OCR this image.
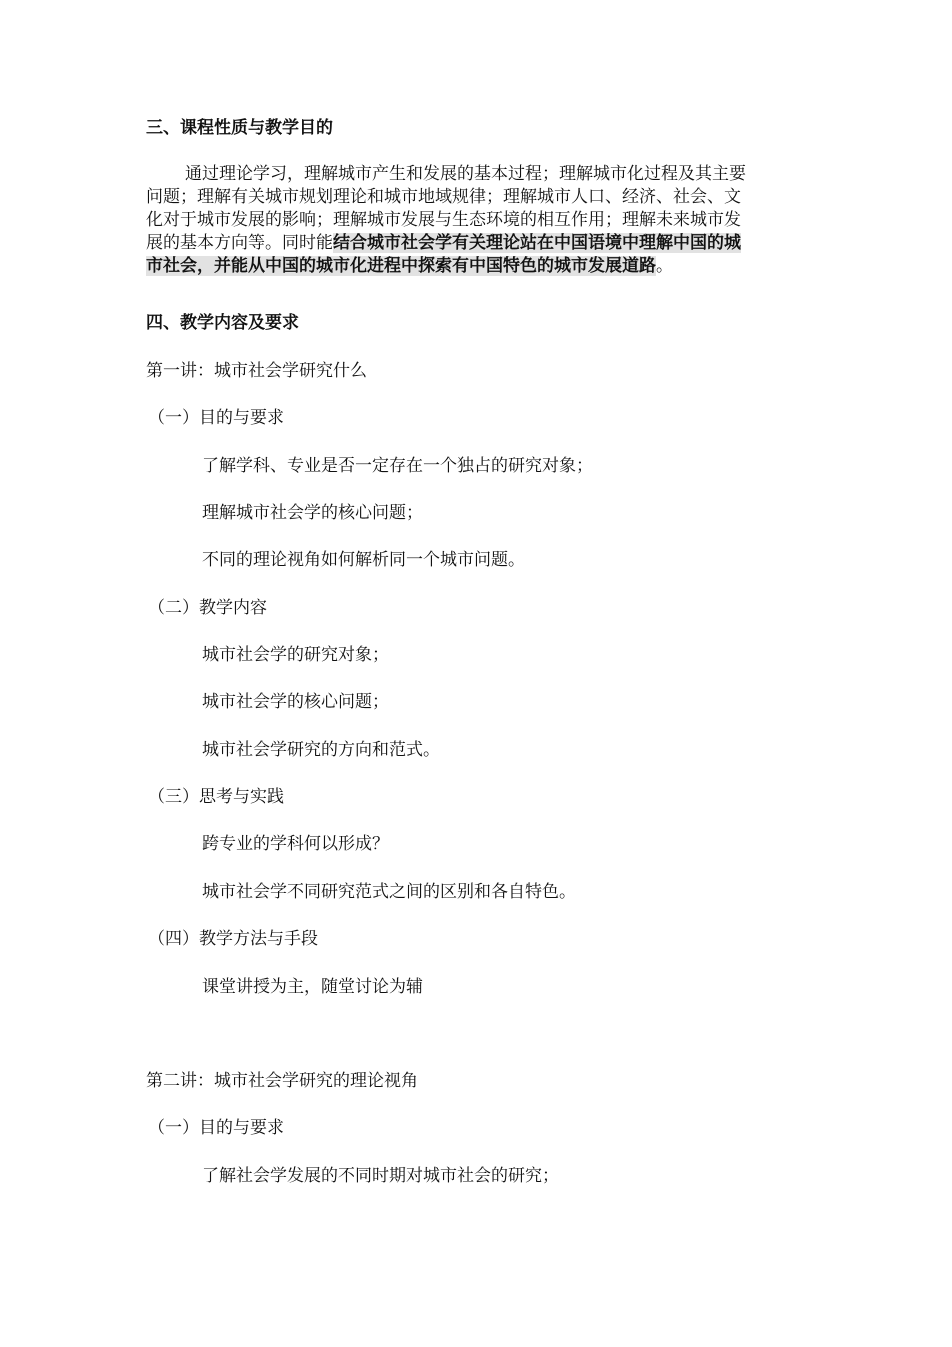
三、课程性质与教学目的
通过理论学习，理解城市产生和发展的基本过程；理解城市化过程及其主要
问题；理解有关城市规划理论和城市地域规律；理解城市人口、经济、社会、文
化对于城市发展的影响；理解城市发展与生态环境的相互作用；理解未来城市发
展的基本方向等。同时能结合城市社会学有关理论站在中国语境中理解中国的城
市社会，并能从中国的城市化进程中探索有中国特色的城市发展道路。
四、教学内容及要求
第一讲：城市社会学研究什么
（一）目的与要求
了解学科、专业是否一定存在一个独占的研究对象；
理解城市社会学的核心问题；
不同的理论视角如何解析同一个城市问题。
（二）教学内容
城市社会学的研究对象；
城市社会学的核心问题；
城市社会学研究的方向和范式。
（三）思考与实践
跨专业的学科何以形成？
城市社会学不同研究范式之间的区别和各自特色。
（四）教学方法与手段
课堂讲授为主，随堂讨论为辅
第二讲：城市社会学研究的理论视角
（一）目的与要求
了解社会学发展的不同时期对城市社会的研究；
